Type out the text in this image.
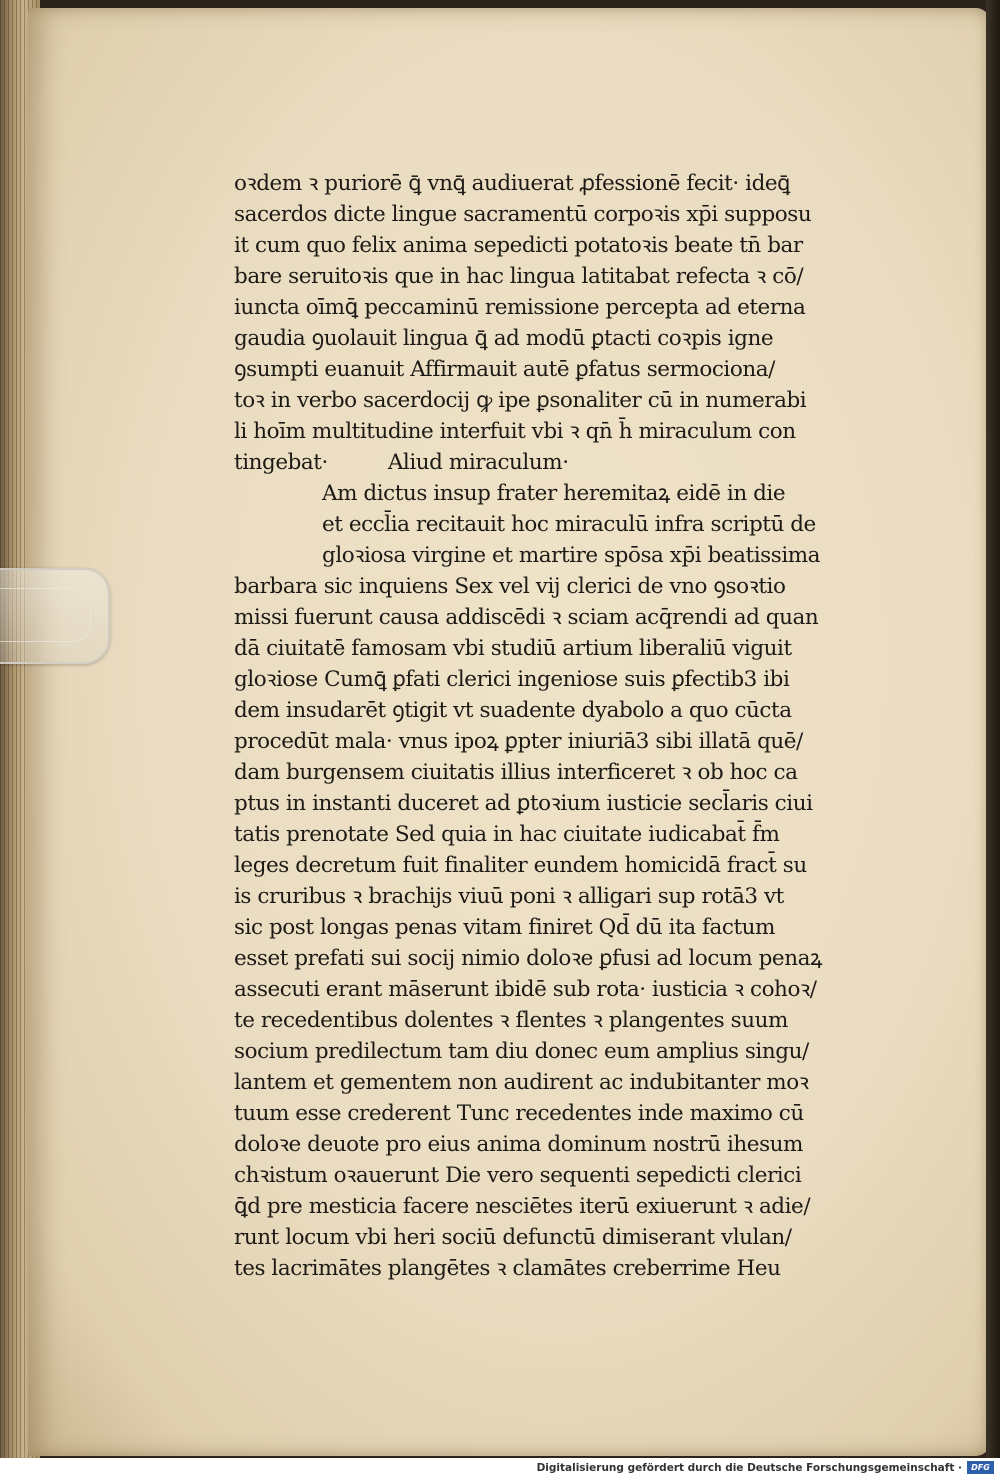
oꝛdem ꝛ puriorē ꝗ̄ vnꝗ̄ audiuerat ꝓfessionē fecit· ideꝗ̄
sacerdos dicte lingue sacramentū corpoꝛis xp̄i supposu
it cum quo felix anima sepedicti potatoꝛis beate tn̄ bar
bare seruitoꝛis que in hac lingua latitabat refecta ꝛ cō/
iuncta oīmꝗ̄ peccaminū remissione percepta ad eterna
gaudia ꝯuolauit lingua ꝗ̄ ad modū ꝑtacti coꝛpis igne
ꝯsumpti euanuit Affirmauit autē ꝑfatus sermociona/
toꝛ in verbo sacerdocij ꝙ ipe ꝑsonaliter cū in numerabi
li hoīm multitudine interfuit vbi ꝛ qn̄ h̄ miraculum con
tingebat·	Aliud miraculum·
Am dictus insup frater heremitaꝝ eidē in die
et eccl̄ia recitauit hoc miraculū infra scriptū de
gloꝛiosa virgine et martire spōsa xp̄i beatissima
barbara sic inquiens Sex vel vij clerici de vno ꝯsoꝛtio
missi fuerunt causa addiscēdi ꝛ sciam acq̄rendi ad quan
dā ciuitatē famosam vbi studiū artium liberaliū viguit
gloꝛiose Cumꝗ̄ ꝑfati clerici ingeniose suis ꝑfectib3 ibi
dem insudarēt ꝯtigit vt suadente dyabolo a quo cūcta
procedūt mala· vnus ipoꝝ ꝑpter iniuriā3 sibi illatā quē/
dam burgensem ciuitatis illius interficeret ꝛ ob hoc ca
ptus in instanti duceret ad ꝑtoꝛium iusticie secl̄aris ciui
tatis prenotate Sed quia in hac ciuitate iudicabat̄ f̄m
leges decretum fuit finaliter eundem homicidā fract̄ su
is cruribus ꝛ brachijs viuū poni ꝛ alligari sup rotā3 vt
sic post longas penas vitam finiret Qd̄ dū ita factum
esset prefati sui socij nimio doloꝛe ꝑfusi ad locum penaꝝ
assecuti erant māserunt ibidē sub rota· iusticia ꝛ cohoꝛ/
te recedentibus dolentes ꝛ flentes ꝛ plangentes suum
socium predilectum tam diu donec eum amplius singu/
lantem et gementem non audirent ac indubitanter moꝛ
tuum esse crederent Tunc recedentes inde maximo cū
doloꝛe deuote pro eius anima dominum nostrū ihesum
chꝛistum oꝛauerunt Die vero sequenti sepedicti clerici
ꝗ̄d pre mesticia facere nesciētes iterū exiuerunt ꝛ adie/
runt locum vbi heri sociū defunctū dimiserant vlulan/
tes lacrimātes plangētes ꝛ clamātes creberrime Heu
Digitalisierung gefördert durch die Deutsche Forschungsgemeinschaft ·	DFG
